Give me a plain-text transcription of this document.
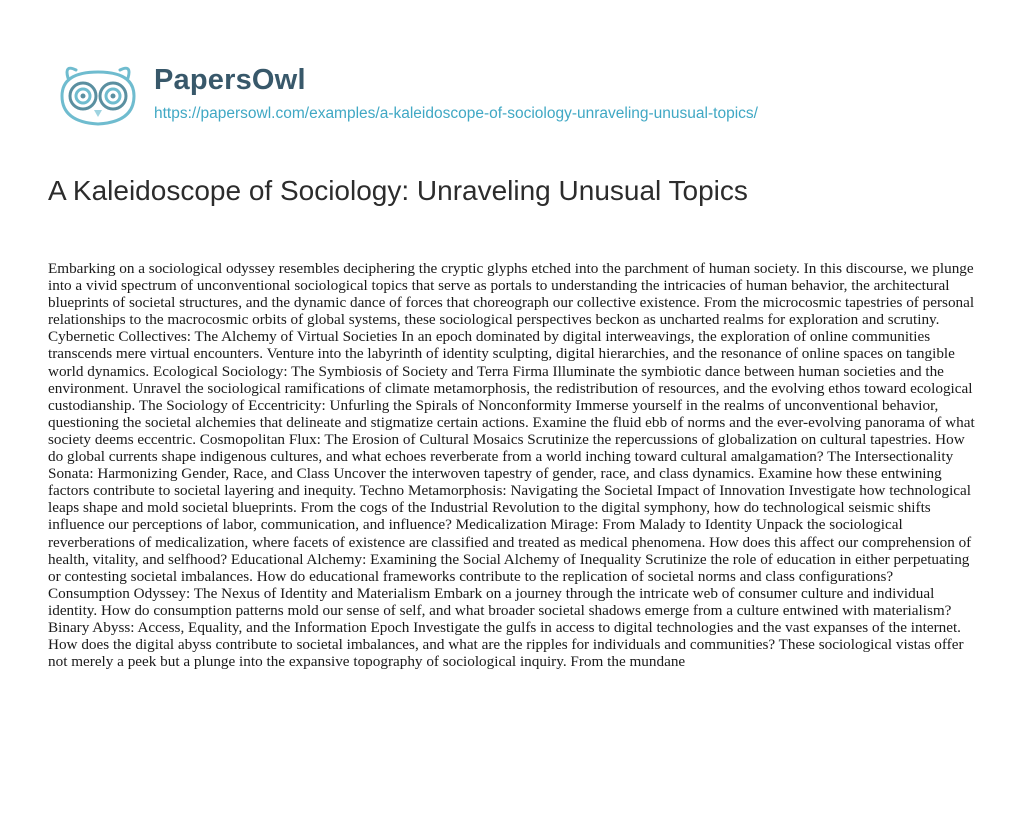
PapersOwl
https://papersowl.com/examples/a-kaleidoscope-of-sociology-unraveling-unusual-topics/
A Kaleidoscope of Sociology: Unraveling Unusual Topics

Embarking on a sociological odyssey resembles deciphering the cryptic glyphs etched into the parchment of human society. In this discourse, we plunge into a vivid spectrum of unconventional sociological topics that serve as portals to understanding the intricacies of human behavior, the architectural blueprints of societal structures, and the dynamic dance of forces that choreograph our collective existence. From the microcosmic tapestries of personal relationships to the macrocosmic orbits of global systems, these sociological perspectives beckon as uncharted realms for exploration and scrutiny. Cybernetic Collectives: The Alchemy of Virtual Societies In an epoch dominated by digital interweavings, the exploration of online communities transcends mere virtual encounters. Venture into the labyrinth of identity sculpting, digital hierarchies, and the resonance of online spaces on tangible world dynamics. Ecological Sociology: The Symbiosis of Society and Terra Firma Illuminate the symbiotic dance between human societies and the environment. Unravel the sociological ramifications of climate metamorphosis, the redistribution of resources, and the evolving ethos toward ecological custodianship. The Sociology of Eccentricity: Unfurling the Spirals of Nonconformity Immerse yourself in the realms of unconventional behavior, questioning the societal alchemies that delineate and stigmatize certain actions. Examine the fluid ebb of norms and the ever-evolving panorama of what society deems eccentric. Cosmopolitan Flux: The Erosion of Cultural Mosaics Scrutinize the repercussions of globalization on cultural tapestries. How do global currents shape indigenous cultures, and what echoes reverberate from a world inching toward cultural amalgamation? The Intersectionality Sonata: Harmonizing Gender, Race, and Class Uncover the interwoven tapestry of gender, race, and class dynamics. Examine how these entwining factors contribute to societal layering and inequity. Techno Metamorphosis: Navigating the Societal Impact of Innovation Investigate how technological leaps shape and mold societal blueprints. From the cogs of the Industrial Revolution to the digital symphony, how do technological seismic shifts influence our perceptions of labor, communication, and influence? Medicalization Mirage: From Malady to Identity Unpack the sociological reverberations of medicalization, where facets of existence are classified and treated as medical phenomena. How does this affect our comprehension of health, vitality, and selfhood? Educational Alchemy: Examining the Social Alchemy of Inequality Scrutinize the role of education in either perpetuating or contesting societal imbalances. How do educational frameworks contribute to the replication of societal norms and class configurations? Consumption Odyssey: The Nexus of Identity and Materialism Embark on a journey through the intricate web of consumer culture and individual identity. How do consumption patterns mold our sense of self, and what broader societal shadows emerge from a culture entwined with materialism? Binary Abyss: Access, Equality, and the Information Epoch Investigate the gulfs in access to digital technologies and the vast expanses of the internet. How does the digital abyss contribute to societal imbalances, and what are the ripples for individuals and communities? These sociological vistas offer not merely a peek but a plunge into the expansive topography of sociological inquiry. From the mundane
